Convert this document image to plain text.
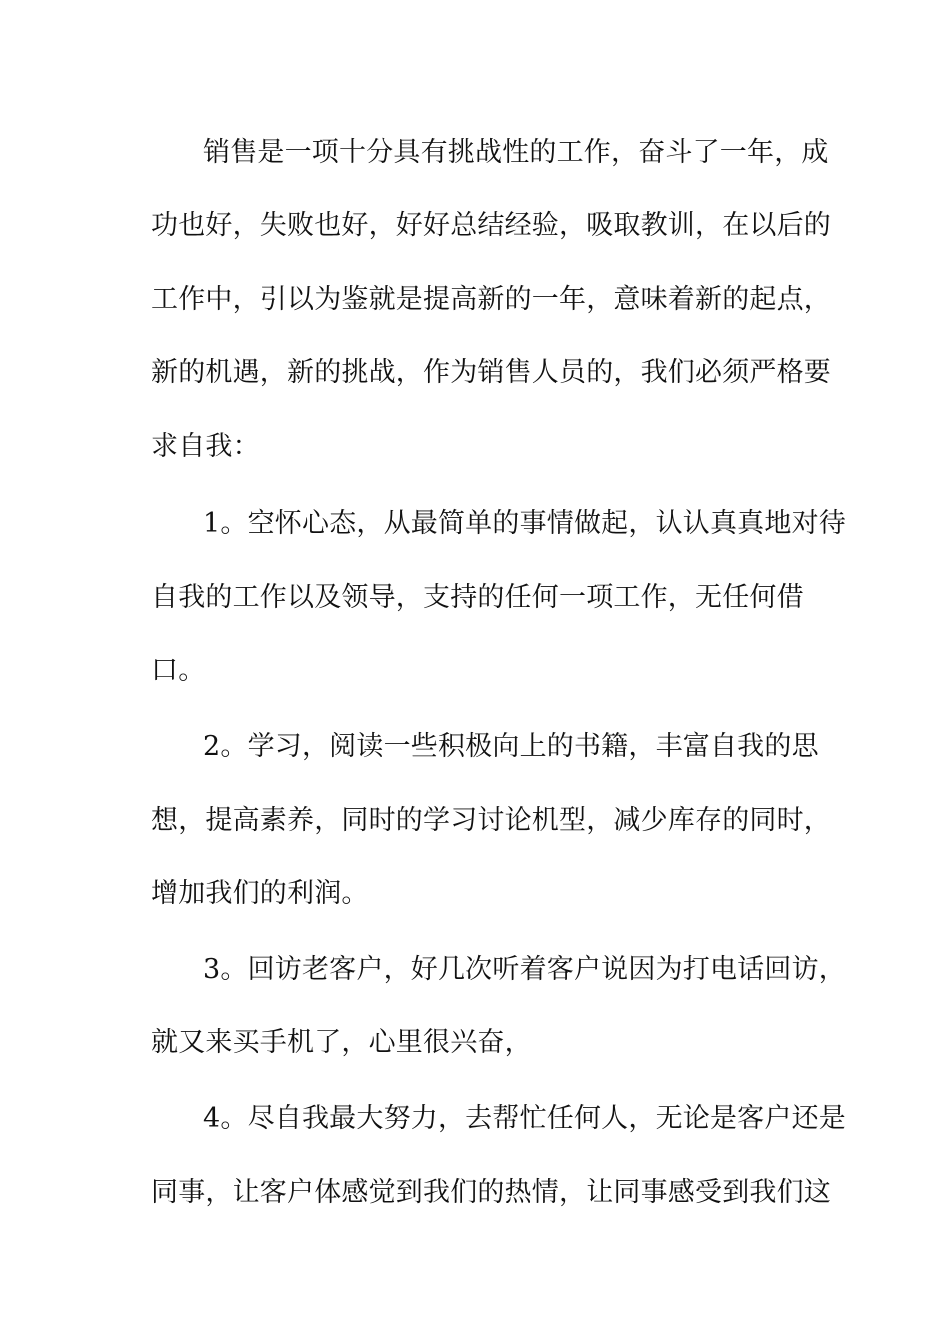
销售是一项十分具有挑战性的工作，奋斗了一年，成
功也好，失败也好，好好总结经验，吸取教训，在以后的
工作中，引以为鉴就是提高新的一年，意味着新的起点，
新的机遇，新的挑战，作为销售人员的，我们必须严格要
求自我：
1。空怀心态，从最简单的事情做起，认认真真地对待
自我的工作以及领导，支持的任何一项工作，无任何借
口。
2。学习，阅读一些积极向上的书籍，丰富自我的思
想，提高素养，同时的学习讨论机型，减少库存的同时，
增加我们的利润。
3。回访老客户，好几次听着客户说因为打电话回访，
就又来买手机了，心里很兴奋，
4。尽自我最大努力，去帮忙任何人，无论是客户还是
同事，让客户体感觉到我们的热情，让同事感受到我们这
